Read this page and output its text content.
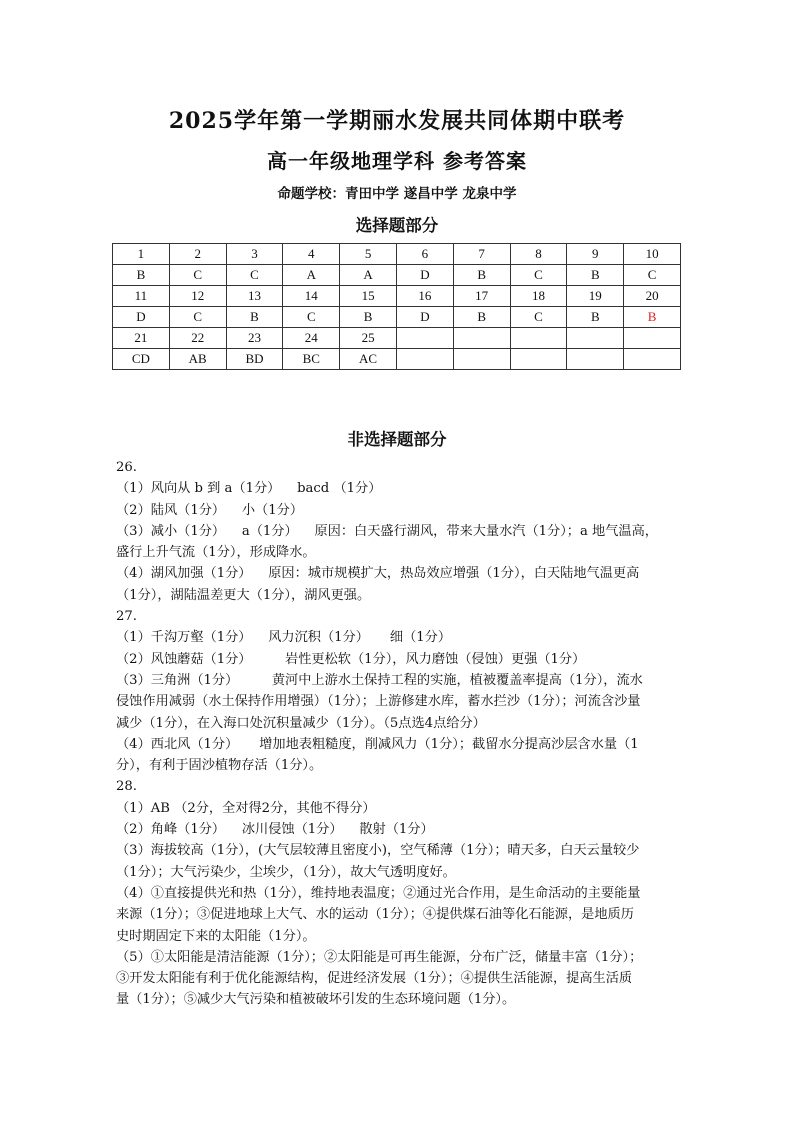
2025学年第一学期丽水发展共同体期中联考
高一年级地理学科 参考答案
命题学校：青田中学 遂昌中学 龙泉中学
选择题部分
1	2	3	4	5	6	7	8	9	10
B	C	C	A	A	D	B	C	B	C
11	12	13	14	15	16	17	18	19	20
D	C	B	C	B	D	B	C	B	B
21	22	23	24	25					
CD	AB	BD	BC	AC					
非选择题部分
26.
（1）风向从 b 到 a（1分）    bacd （1分）
（2）陆风（1分）    小（1分）
（3）减小（1分）    a（1分）    原因：白天盛行湖风，带来大量水汽（1分）；a 地气温高，
盛行上升气流（1分），形成降水。
（4）湖风加强（1分）    原因：城市规模扩大，热岛效应增强（1分），白天陆地气温更高
（1分），湖陆温差更大（1分），湖风更强。
27.
（1）千沟万壑（1分）    风力沉积（1分）     细（1分）
（2）风蚀蘑菇（1分）        岩性更松软（1分），风力磨蚀（侵蚀）更强（1分）
（3）三角洲（1分）        黄河中上游水土保持工程的实施，植被覆盖率提高（1分），流水
侵蚀作用减弱（水土保持作用增强）（1分）；上游修建水库，蓄水拦沙（1分）；河流含沙量
减少（1分），在入海口处沉积量减少（1分）。（5点选4点给分）
（4）西北风（1分）     增加地表粗糙度，削减风力（1分）；截留水分提高沙层含水量（1
分），有利于固沙植物存活（1分）。
28.
（1）AB （2分，全对得2分，其他不得分）
（2）角峰（1分）    冰川侵蚀（1分）    散射（1分）
（3）海拔较高（1分），(大气层较薄且密度小)，空气稀薄（1分）；晴天多，白天云量较少
（1分）；大气污染少，尘埃少，（1分），故大气透明度好。
（4）①直接提供光和热（1分），维持地表温度；②通过光合作用，是生命活动的主要能量
来源（1分）；③促进地球上大气、水的运动（1分）；④提供煤石油等化石能源，是地质历
史时期固定下来的太阳能（1分）。
（5）①太阳能是清洁能源（1分）；②太阳能是可再生能源，分布广泛，储量丰富（1分）；
③开发太阳能有利于优化能源结构，促进经济发展（1分）；④提供生活能源，提高生活质
量（1分）；⑤减少大气污染和植被破坏引发的生态环境问题（1分）。
